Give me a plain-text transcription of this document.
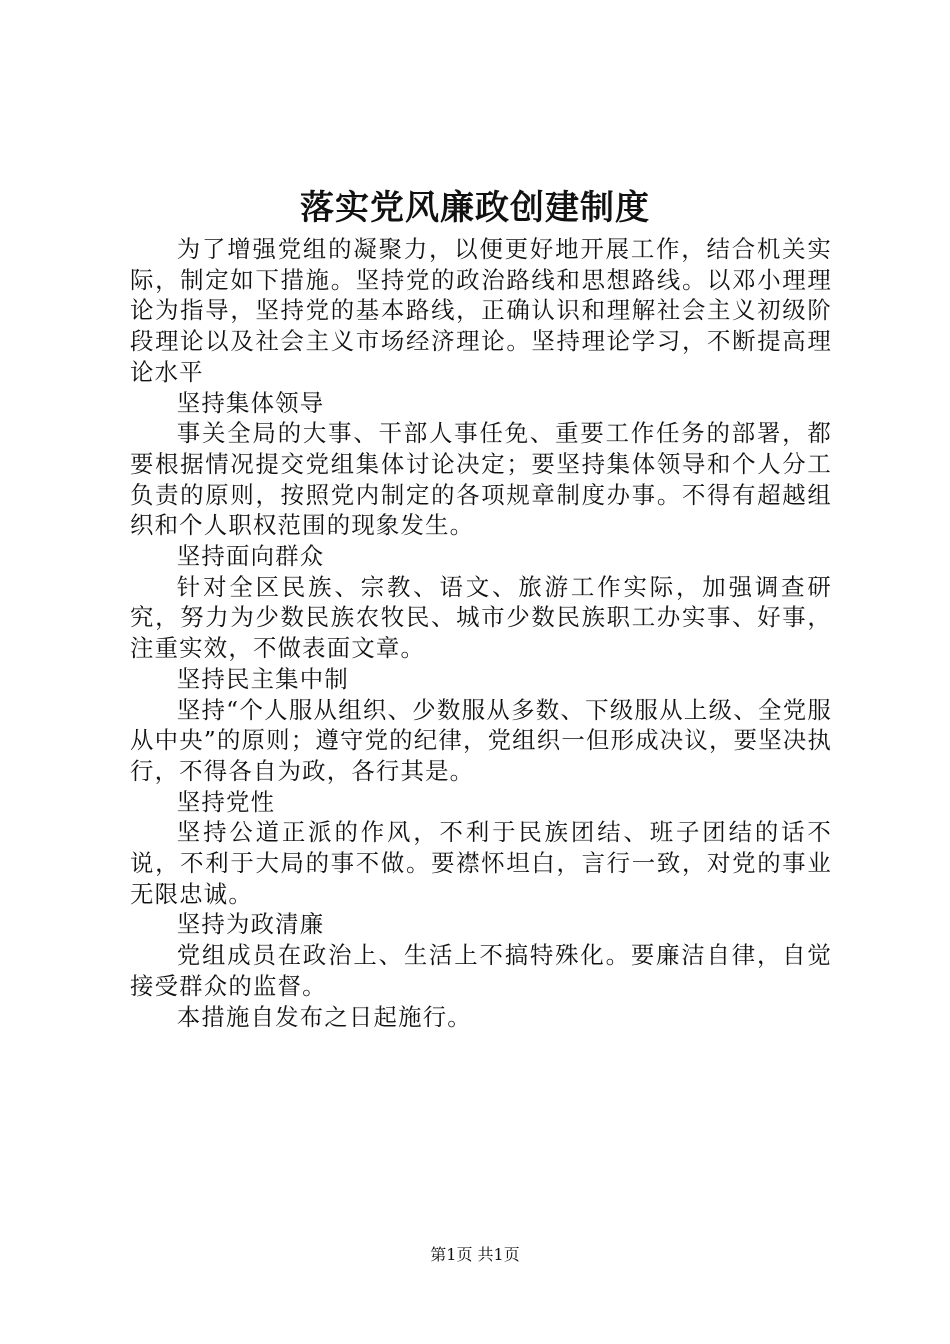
落实党风廉政创建制度

为了增强党组的凝聚力，以便更好地开展工作，结合机关实际，制定如下措施。坚持党的政治路线和思想路线。以邓小理理论为指导，坚持党的基本路线，正确认识和理解社会主义初级阶段理论以及社会主义市场经济理论。坚持理论学习，不断提高理论水平

坚持集体领导

事关全局的大事、干部人事任免、重要工作任务的部署，都要根据情况提交党组集体讨论决定；要坚持集体领导和个人分工负责的原则，按照党内制定的各项规章制度办事。不得有超越组织和个人职权范围的现象发生。

坚持面向群众

针对全区民族、宗教、语文、旅游工作实际，加强调查研究，努力为少数民族农牧民、城市少数民族职工办实事、好事，注重实效，不做表面文章。

坚持民主集中制

坚持“个人服从组织、少数服从多数、下级服从上级、全党服从中央”的原则；遵守党的纪律，党组织一但形成决议，要坚决执行，不得各自为政，各行其是。

坚持党性

坚持公道正派的作风，不利于民族团结、班子团结的话不说，不利于大局的事不做。要襟怀坦白，言行一致，对党的事业无限忠诚。

坚持为政清廉

党组成员在政治上、生活上不搞特殊化。要廉洁自律，自觉接受群众的监督。

本措施自发布之日起施行。

第1页 共1页
